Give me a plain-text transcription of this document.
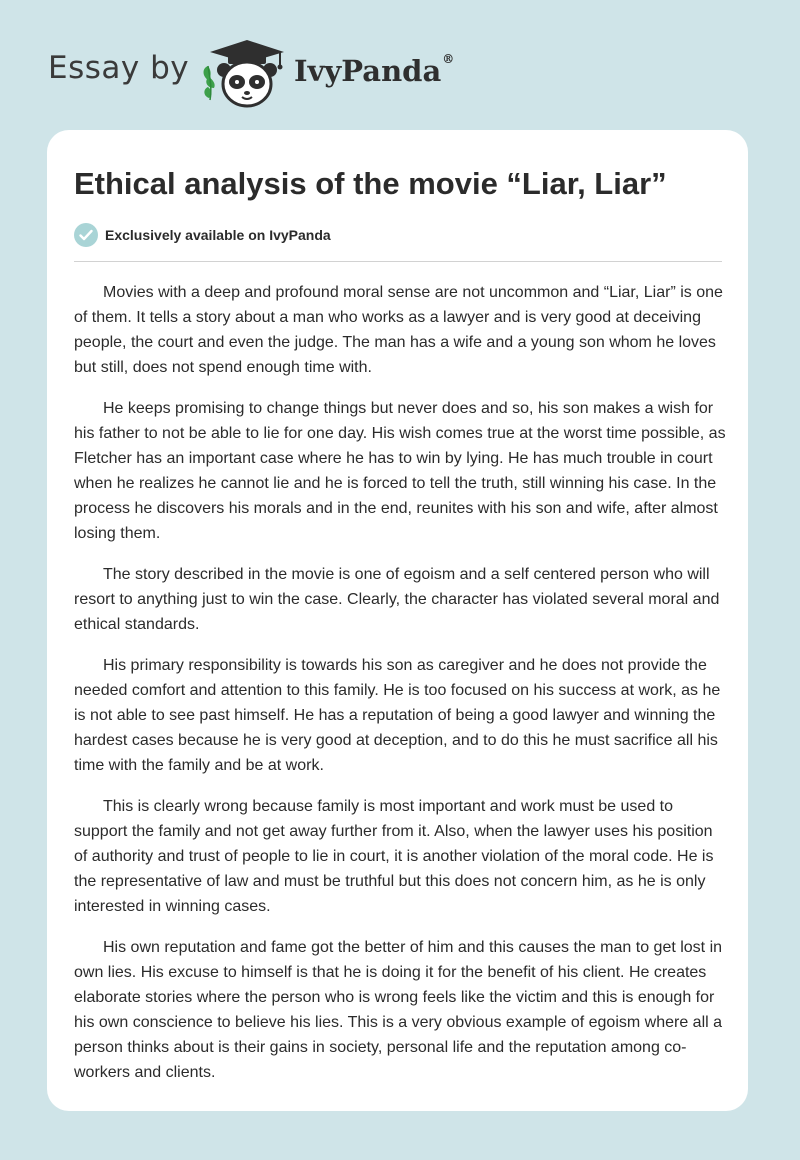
Essay by	IvyPanda®
Ethical analysis of the movie “Liar, Liar”
Exclusively available on IvyPanda

Movies with a deep and profound moral sense are not uncommon and “Liar, Liar” is one of them. It tells a story about a man who works as a lawyer and is very good at deceiving people, the court and even the judge. The man has a wife and a young son whom he loves but still, does not spend enough time with.

He keeps promising to change things but never does and so, his son makes a wish for his father to not be able to lie for one day. His wish comes true at the worst time possible, as Fletcher has an important case where he has to win by lying. He has much trouble in court when he realizes he cannot lie and he is forced to tell the truth, still winning his case. In the process he discovers his morals and in the end, reunites with his son and wife, after almost losing them.

The story described in the movie is one of egoism and a self centered person who will resort to anything just to win the case. Clearly, the character has violated several moral and ethical standards.

His primary responsibility is towards his son as caregiver and he does not provide the needed comfort and attention to this family. He is too focused on his success at work, as he is not able to see past himself. He has a reputation of being a good lawyer and winning the hardest cases because he is very good at deception, and to do this he must sacrifice all his time with the family and be at work.

This is clearly wrong because family is most important and work must be used to support the family and not get away further from it. Also, when the lawyer uses his position of authority and trust of people to lie in court, it is another violation of the moral code. He is the representative of law and must be truthful but this does not concern him, as he is only interested in winning cases.

His own reputation and fame got the better of him and this causes the man to get lost in own lies. His excuse to himself is that he is doing it for the benefit of his client. He creates elaborate stories where the person who is wrong feels like the victim and this is enough for his own conscience to believe his lies. This is a very obvious example of egoism where all a person thinks about is their gains in society, personal life and the reputation among co-workers and clients.
